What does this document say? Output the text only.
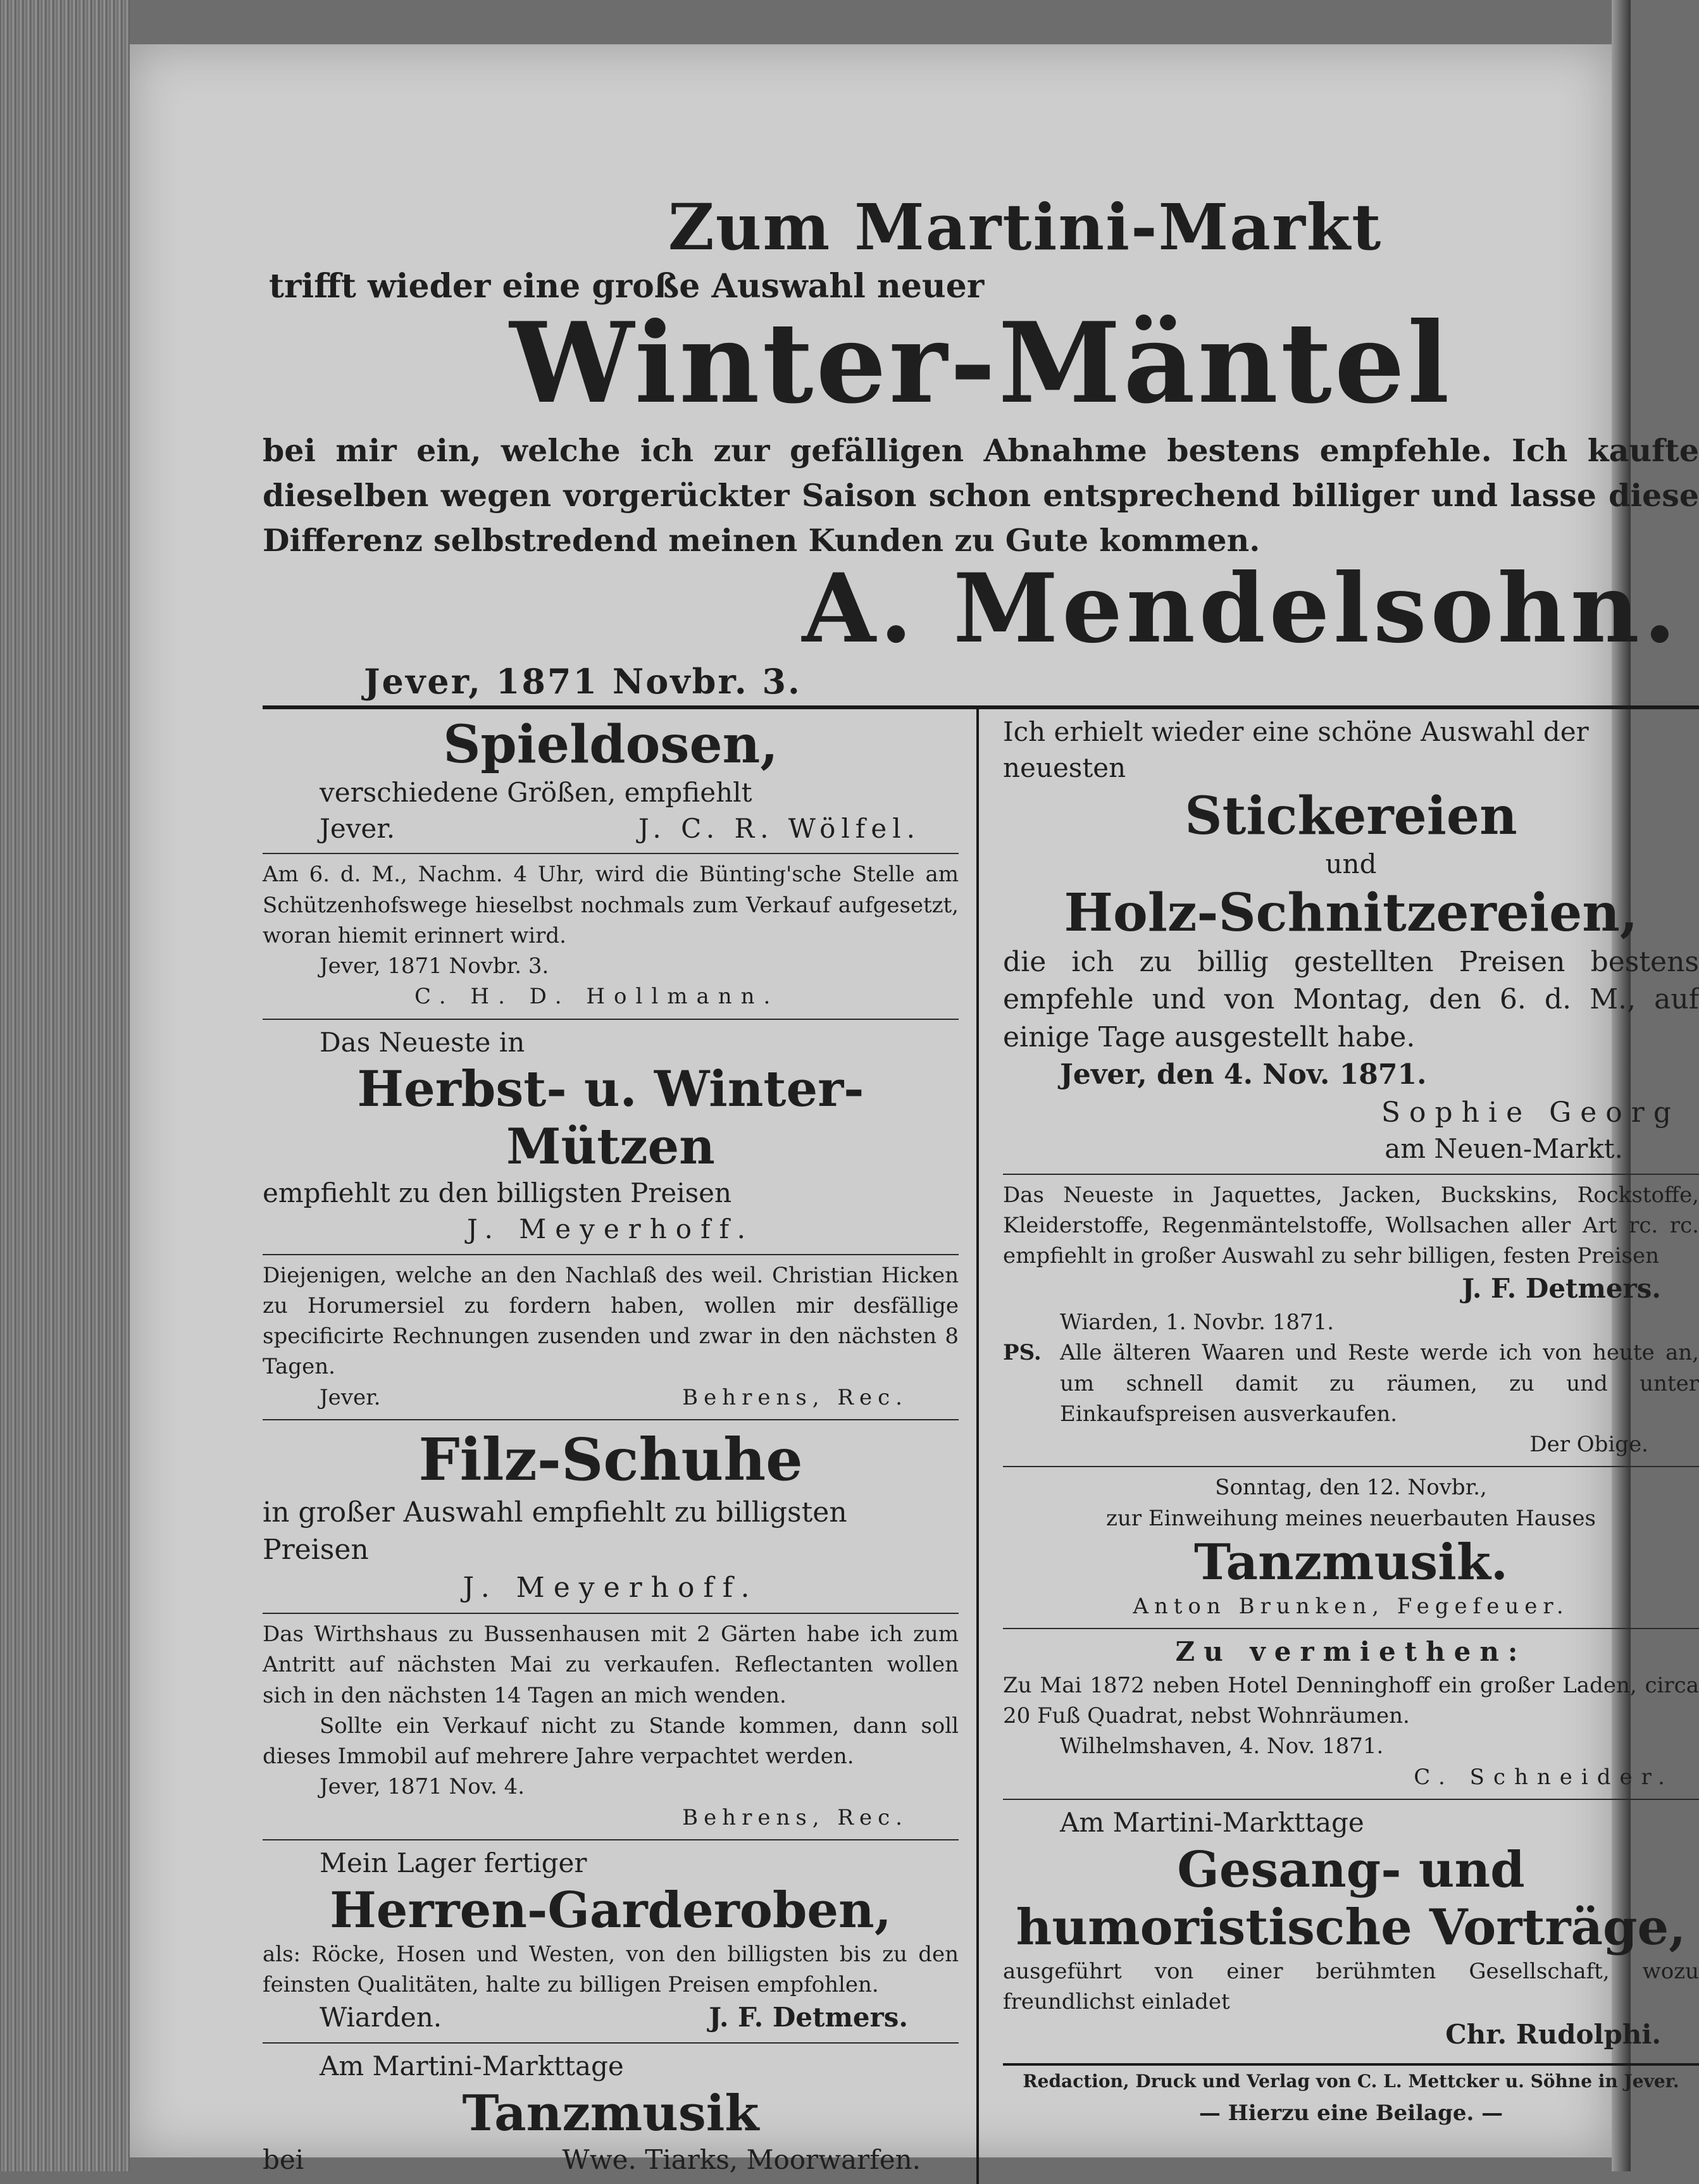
Zum Martini-Markt
trifft wieder eine große Auswahl neuer
Winter-Mäntel
bei mir ein, welche ich zur gefälligen Abnahme bestens empfehle. Ich kaufte dieselben wegen vorgerückter Saison schon entsprechend billiger und lasse diese Differenz selbstredend meinen Kunden zu Gute kommen.
A. Mendelsohn.
Jever, 1871 Novbr. 3.
Spieldosen,
verschiedene Größen, empfiehlt
Jever.	J. C. R. Wölfel.
Am 6. d. M., Nachm. 4 Uhr, wird die Bünting'sche Stelle am Schützenhofswege hieselbst nochmals zum Verkauf aufgesetzt, woran hiemit erinnert wird.
Jever, 1871 Novbr. 3.
C. H. D. Hollmann.
Das Neueste in
Herbst- u. Winter-Mützen
empfiehlt zu den billigsten Preisen
J. Meyerhoff.
Diejenigen, welche an den Nachlaß des weil. Christian Hicken zu Horumersiel zu fordern haben, wollen mir desfällige specificirte Rechnungen zusenden und zwar in den nächsten 8 Tagen.
Jever.	Behrens, Rec.
Filz-Schuhe
in großer Auswahl empfiehlt zu billigsten Preisen
J. Meyerhoff.
Das Wirthshaus zu Bussenhausen mit 2 Gärten habe ich zum Antritt auf nächsten Mai zu verkaufen. Reflectanten wollen sich in den nächsten 14 Tagen an mich wenden.
Sollte ein Verkauf nicht zu Stande kommen, dann soll dieses Immobil auf mehrere Jahre verpachtet werden.
Jever, 1871 Nov. 4.
Behrens, Rec.
Mein Lager fertiger
Herren-Garderoben,
als: Röcke, Hosen und Westen, von den billigsten bis zu den feinsten Qualitäten, halte zu billigen Preisen empfohlen.
Wiarden.	J. F. Detmers.
Am Martini-Markttage
Tanzmusik
bei	Wwe. Tiarks, Moorwarfen.
Ich erhielt wieder eine schöne Auswahl der neuesten
Stickereien
und
Holz-Schnitzereien,
die ich zu billig gestellten Preisen bestens empfehle und von Montag, den 6. d. M., auf einige Tage ausgestellt habe.
Jever, den 4. Nov. 1871.
Sophie Georg
am Neuen-Markt.
Das Neueste in Jaquettes, Jacken, Buckskins, Rockstoffe, Kleiderstoffe, Regenmäntelstoffe, Wollsachen aller Art rc. rc. empfiehlt in großer Auswahl zu sehr billigen, festen Preisen
J. F. Detmers.
Wiarden, 1. Novbr. 1871.
PS. Alle älteren Waaren und Reste werde ich von heute an, um schnell damit zu räumen, zu und unter Einkaufspreisen ausverkaufen.
Der Obige.
Sonntag, den 12. Novbr.,
zur Einweihung meines neuerbauten Hauses
Tanzmusik.
Anton Brunken, Fegefeuer.
Zu vermiethen:
Zu Mai 1872 neben Hotel Denninghoff ein großer Laden, circa 20 Fuß Quadrat, nebst Wohnräumen.
Wilhelmshaven, 4. Nov. 1871.
C. Schneider.
Am Martini-Markttage
Gesang- und
humoristische Vorträge,
ausgeführt von einer berühmten Gesellschaft, wozu freundlichst einladet
Chr. Rudolphi.
Redaction, Druck und Verlag von C. L. Mettcker u. Söhne in Jever.
— Hierzu eine Beilage. —
